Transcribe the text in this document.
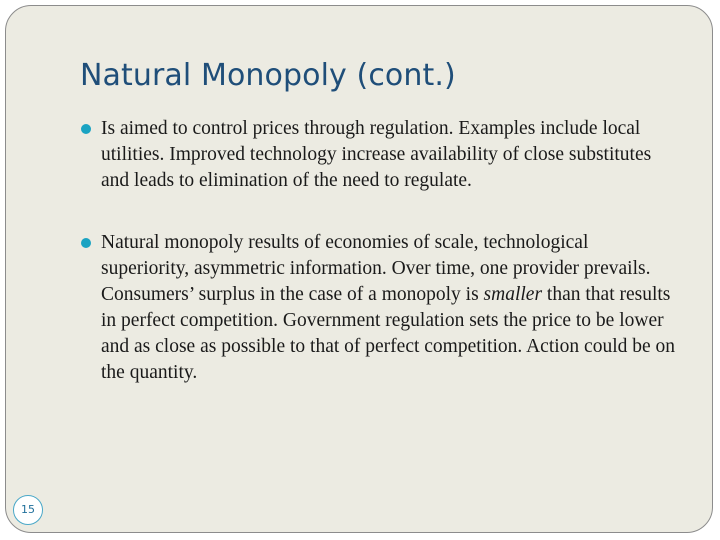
Natural Monopoly (cont.)
Is aimed to control prices through regulation. Examples include local utilities. Improved technology increase availability of close substitutes and leads to elimination of the need to regulate.
Natural monopoly results of economies of scale, technological superiority, asymmetric information. Over time, one provider prevails. Consumers’ surplus in the case of a monopoly is smaller than that results in perfect competition. Government regulation sets the price to be lower and as close as possible to that of perfect competition. Action could be on the quantity.
15
